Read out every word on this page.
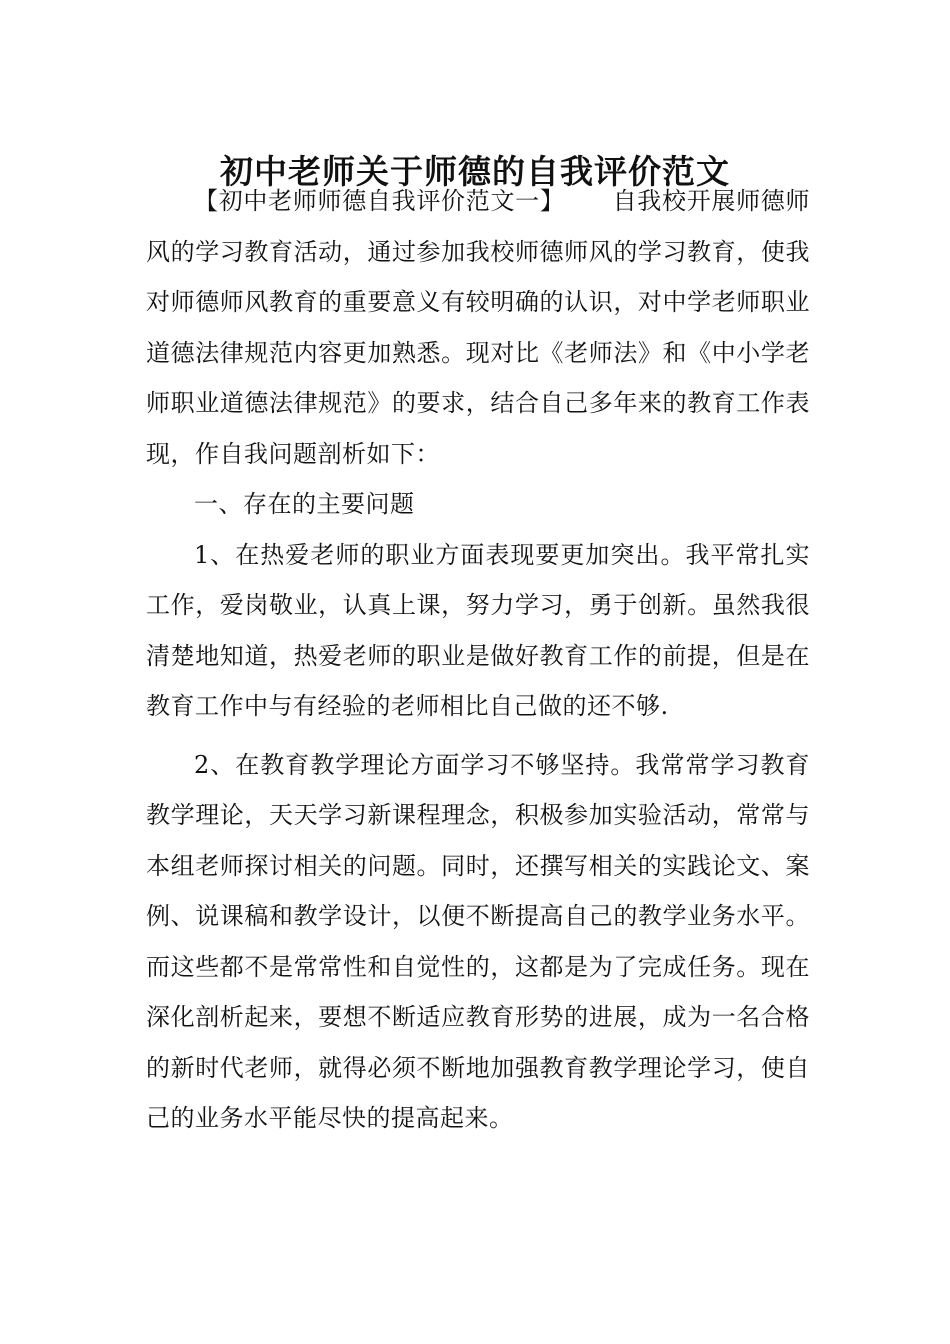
初中老师关于师德的自我评价范文

【初中老师师德自我评价范文一】 自我校开展师德师风的学习教育活动，通过参加我校师德师风的学习教育，使我对师德师风教育的重要意义有较明确的认识，对中学老师职业道德法律规范内容更加熟悉。现对比《老师法》和《中小学老师职业道德法律规范》的要求，结合自己多年来的教育工作表现，作自我问题剖析如下：

一、存在的主要问题

1、在热爱老师的职业方面表现要更加突出。我平常扎实工作，爱岗敬业，认真上课，努力学习，勇于创新。虽然我很清楚地知道，热爱老师的职业是做好教育工作的前提，但是在教育工作中与有经验的老师相比自己做的还不够.

2、在教育教学理论方面学习不够坚持。我常常学习教育教学理论，天天学习新课程理念，积极参加实验活动，常常与本组老师探讨相关的问题。同时，还撰写相关的实践论文、案例、说课稿和教学设计，以便不断提高自己的教学业务水平。而这些都不是常常性和自觉性的，这都是为了完成任务。现在深化剖析起来，要想不断适应教育形势的进展，成为一名合格的新时代老师，就得必须不断地加强教育教学理论学习，使自己的业务水平能尽快的提高起来。
